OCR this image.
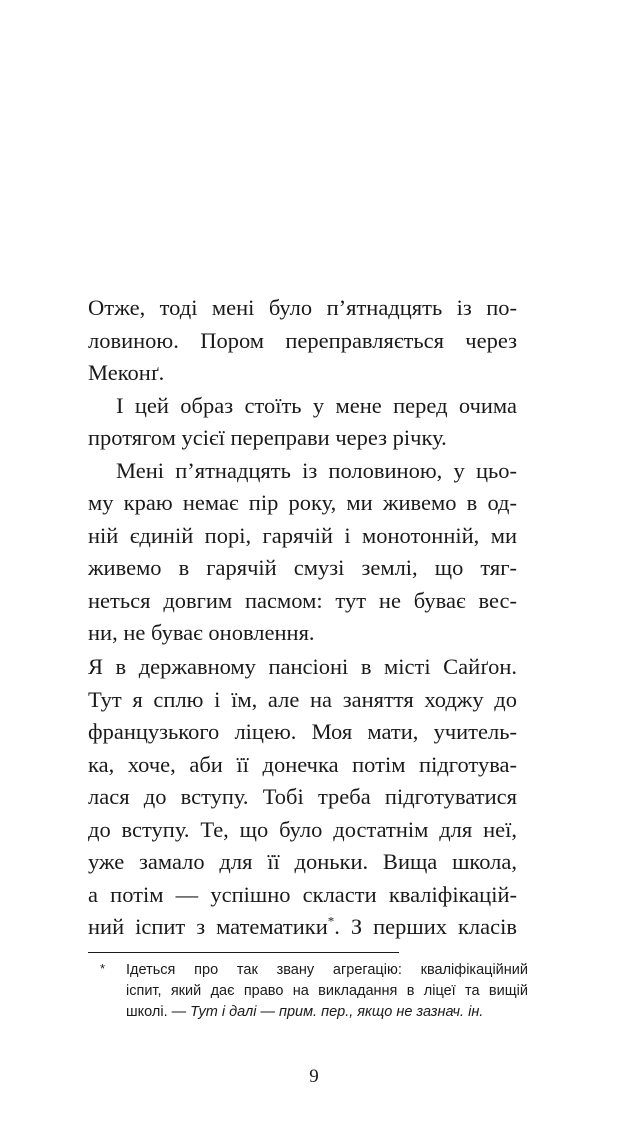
Отже, тоді мені було п’ятнадцять із по-
ловиною. Пором переправляється через
Меконґ.
І цей образ стоїть у мене перед очима
протягом усієї переправи через річку.
Мені п’ятнадцять із половиною, у цьо-
му краю немає пір року, ми живемо в од-
ній єдиній порі, гарячій і монотонній, ми
живемо в гарячій смузі землі, що тяг-
неться довгим пасмом: тут не буває вес-
ни, не буває оновлення.
Я в державному пансіоні в місті Сайґон.
Тут я сплю і їм, але на заняття ходжу до
французького ліцею. Моя мати, учитель-
ка, хоче, аби її донечка потім підготува-
лася до вступу. Тобі треба підготуватися
до вступу. Те, що було достатнім для неї,
уже замало для її доньки. Вища школа,
а потім — успішно скласти кваліфікацій-
ний іспит з математики*. З перших класів
* Ідеться про так звану агрегацію: кваліфікаційний
іспит, який дає право на викладання в ліцеї та вищій
школі. — Тут і далі — прим. пер., якщо не зазнач. ін.
9
